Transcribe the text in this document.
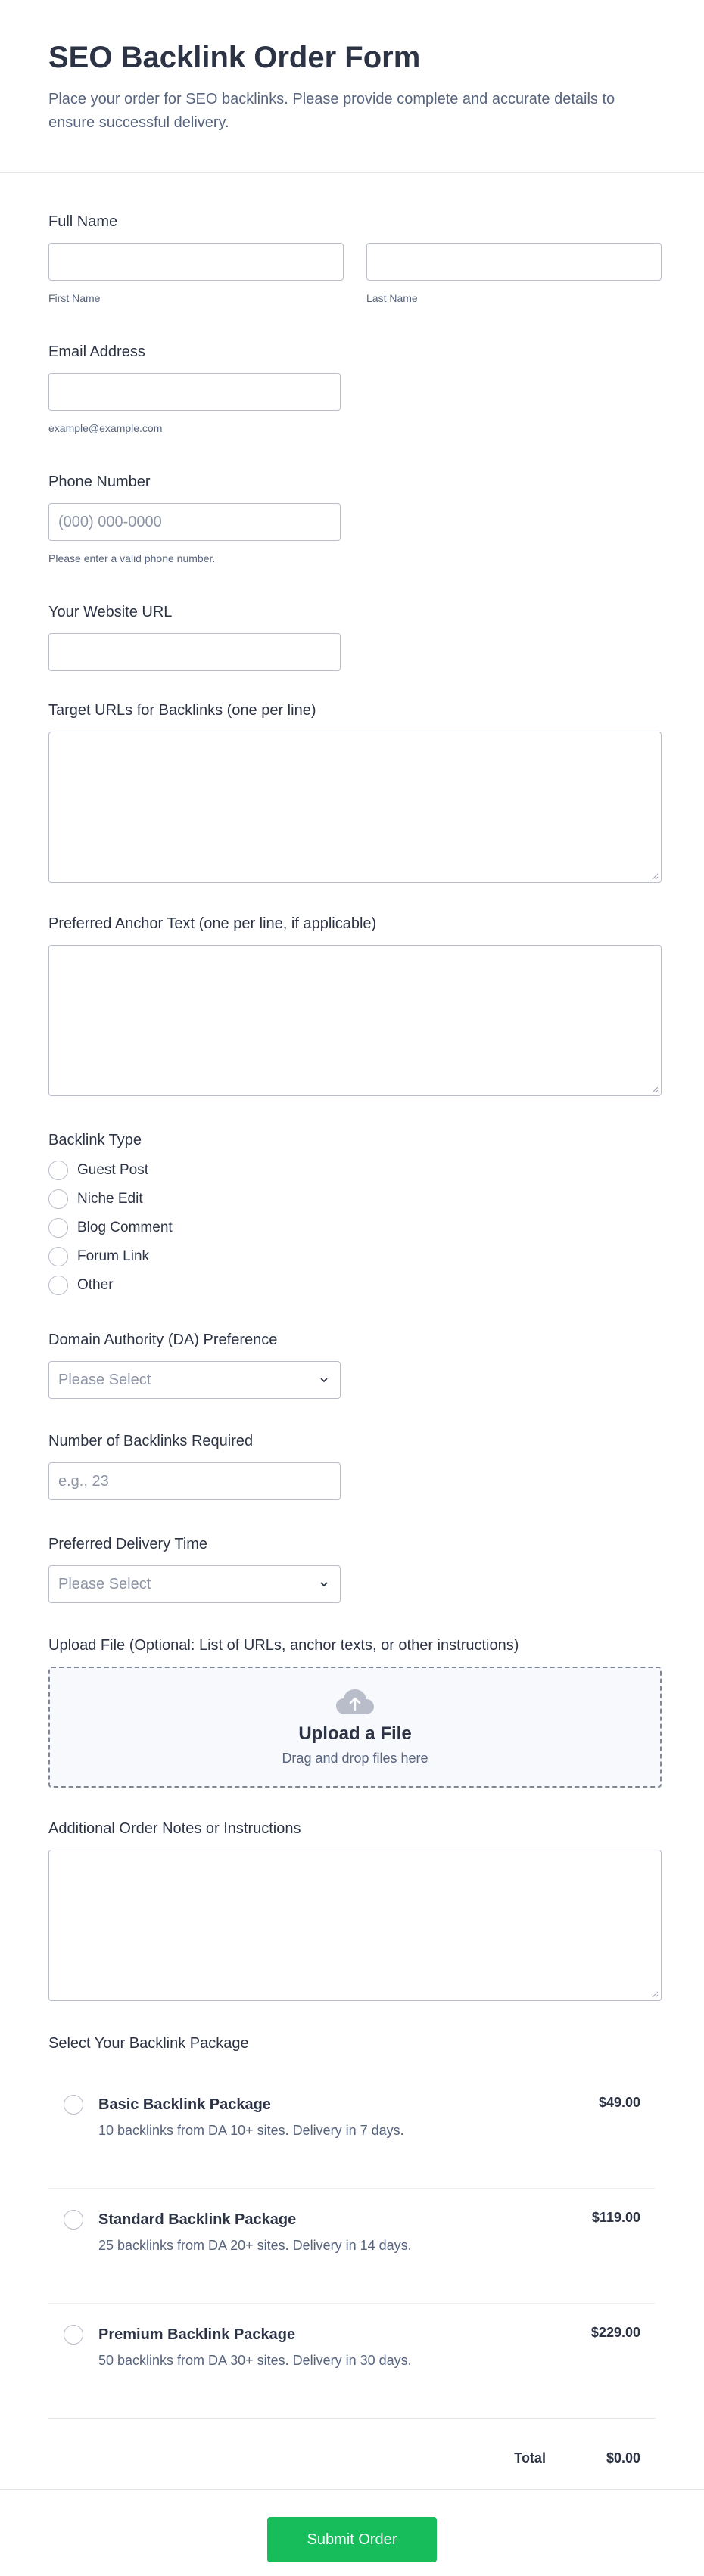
SEO Backlink Order Form

Place your order for SEO backlinks. Please provide complete and accurate details to ensure successful delivery.

Full Name
First Name	Last Name
Email Address
example@example.com
Phone Number
(000) 000-0000
Please enter a valid phone number.
Your Website URL
Target URLs for Backlinks (one per line)
Preferred Anchor Text (one per line, if applicable)
Backlink Type
Guest Post
Niche Edit
Blog Comment
Forum Link
Other
Domain Authority (DA) Preference
Please Select
Number of Backlinks Required
e.g., 23
Preferred Delivery Time
Please Select
Upload File (Optional: List of URLs, anchor texts, or other instructions)
Upload a File
Drag and drop files here
Additional Order Notes or Instructions
Select Your Backlink Package
Basic Backlink Package
10 backlinks from DA 10+ sites. Delivery in 7 days.
$49.00
Standard Backlink Package
25 backlinks from DA 20+ sites. Delivery in 14 days.
$119.00
Premium Backlink Package
50 backlinks from DA 30+ sites. Delivery in 30 days.
$229.00
Total	$0.00
Submit Order
